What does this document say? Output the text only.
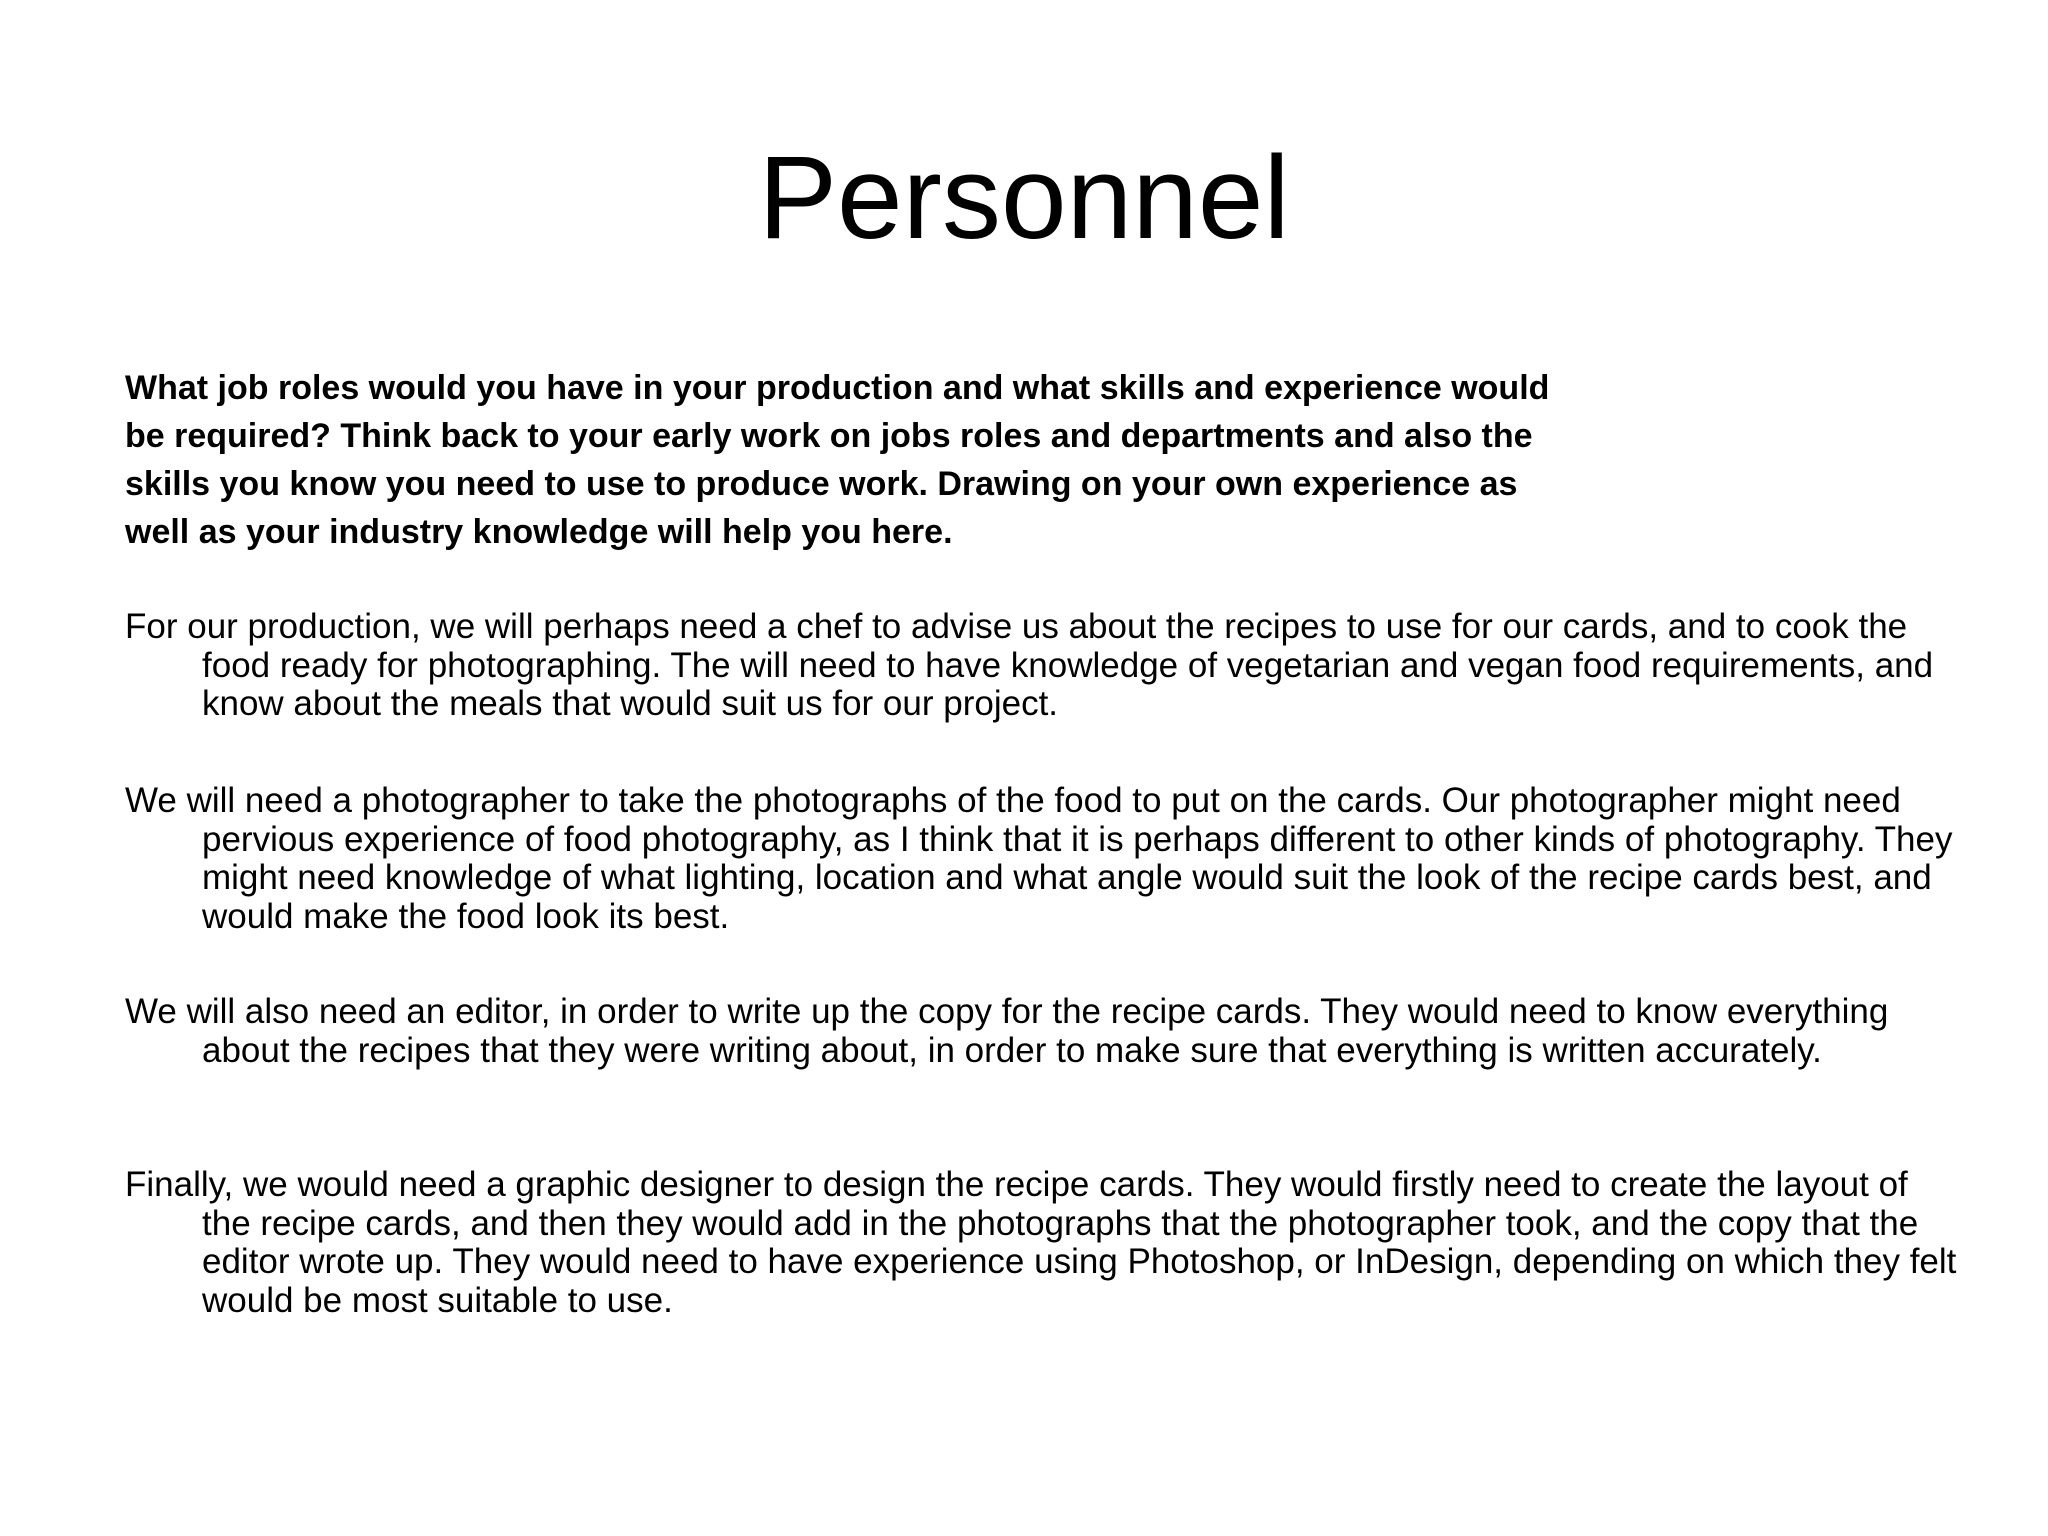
Personnel

What job roles would you have in your production and what skills and experience would be required? Think back to your early work on jobs roles and departments and also the skills you know you need to use to produce work. Drawing on your own experience as well as your industry knowledge will help you here.

For our production, we will perhaps need a chef to advise us about the recipes to use for our cards, and to cook the food ready for photographing. The will need to have knowledge of vegetarian and vegan food requirements, and know about the meals that would suit us for our project.

We will need a photographer to take the photographs of the food to put on the cards. Our photographer might need pervious experience of food photography, as I think that it is perhaps different to other kinds of photography. They might need knowledge of what lighting, location and what angle would suit the look of the recipe cards best, and would make the food look its best.

We will also need an editor, in order to write up the copy for the recipe cards. They would need to know everything about the recipes that they were writing about, in order to make sure that everything is written accurately.

Finally, we would need a graphic designer to design the recipe cards. They would firstly need to create the layout of the recipe cards, and then they would add in the photographs that the photographer took, and the copy that the editor wrote up. They would need to have experience using Photoshop, or InDesign, depending on which they felt would be most suitable to use.
